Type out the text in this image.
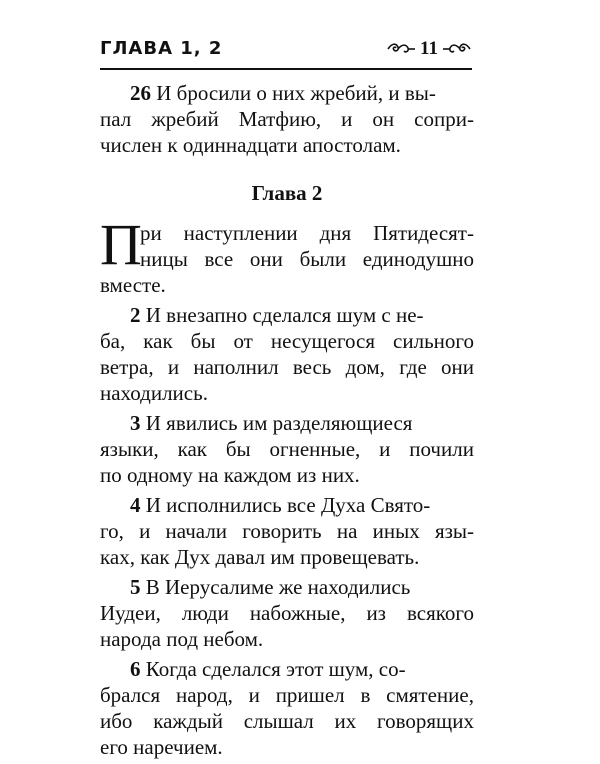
ГЛАВА 1, 2	11
26 И бросили о них жребий, и вы-
пал жребий Матфию, и он сопри-
числен к одиннадцати апостолам.
Глава 2
П
ри наступлении дня Пятидесят-
ницы все они были единодушно
вместе.
2 И внезапно сделался шум с не-
ба, как бы от несущегося сильного
ветра, и наполнил весь дом, где они
находились.
3 И явились им разделяющиеся
языки, как бы огненные, и почили
по одному на каждом из них.
4 И исполнились все Духа Свято-
го, и начали говорить на иных язы-
ках, как Дух давал им провещевать.
5 В Иерусалиме же находились
Иудеи, люди набожные, из всякого
народа под небом.
6 Когда сделался этот шум, со-
брался народ, и пришел в смятение,
ибо каждый слышал их говорящих
его наречием.
